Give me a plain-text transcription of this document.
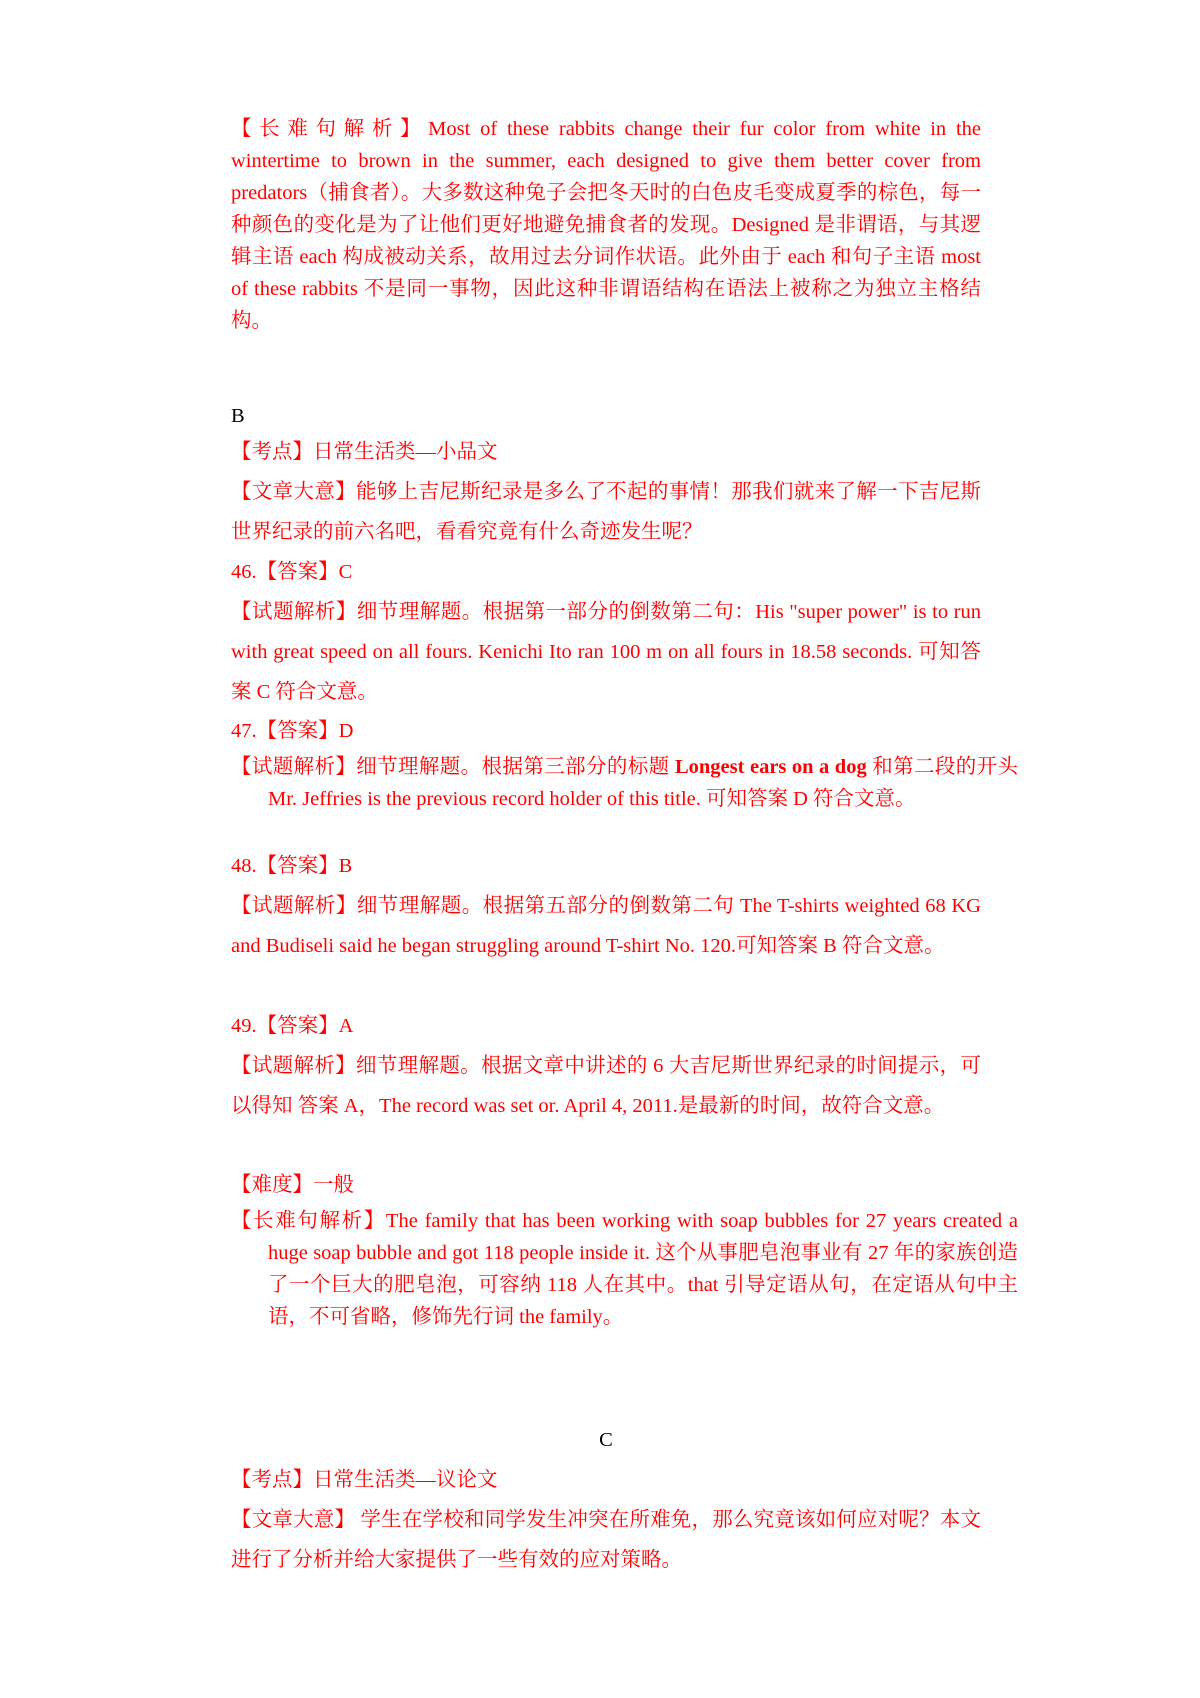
【长难句解析】Most of these rabbits change their fur color from white in the wintertime to brown in the summer, each designed to give them better cover from predators（捕食者）。大多数这种兔子会把冬天时的白色皮毛变成夏季的棕色，每一种颜色的变化是为了让他们更好地避免捕食者的发现。Designed 是非谓语，与其逻辑主语 each 构成被动关系，故用过去分词作状语。此外由于 each 和句子主语 most of these rabbits 不是同一事物，因此这种非谓语结构在语法上被称之为独立主格结构。

B

【考点】日常生活类—小品文

【文章大意】能够上吉尼斯纪录是多么了不起的事情！那我们就来了解一下吉尼斯世界纪录的前六名吧，看看究竟有什么奇迹发生呢？

46.【答案】C

【试题解析】细节理解题。根据第一部分的倒数第二句：His "super power" is to run with great speed on all fours. Kenichi Ito ran 100 m on all fours in 18.58 seconds. 可知答案 C 符合文意。

47.【答案】D

【试题解析】细节理解题。根据第三部分的标题 Longest ears on a dog 和第二段的开头 Mr. Jeffries is the previous record holder of this title. 可知答案 D 符合文意。

48.【答案】B

【试题解析】细节理解题。根据第五部分的倒数第二句 The T-shirts weighted 68 KG and Budiseli said he began struggling around T-shirt No. 120.可知答案 B 符合文意。

49.【答案】A

【试题解析】细节理解题。根据文章中讲述的 6 大吉尼斯世界纪录的时间提示，可以得知 答案 A，The record was set or. April 4, 2011.是最新的时间，故符合文意。

【难度】一般

【长难句解析】The family that has been working with soap bubbles for 27 years created a huge soap bubble and got 118 people inside it. 这个从事肥皂泡事业有 27 年的家族创造了一个巨大的肥皂泡，可容纳 118 人在其中。that 引导定语从句，在定语从句中主语，不可省略，修饰先行词 the family。

C

【考点】日常生活类—议论文

【文章大意】 学生在学校和同学发生冲突在所难免，那么究竟该如何应对呢？本文进行了分析并给大家提供了一些有效的应对策略。
